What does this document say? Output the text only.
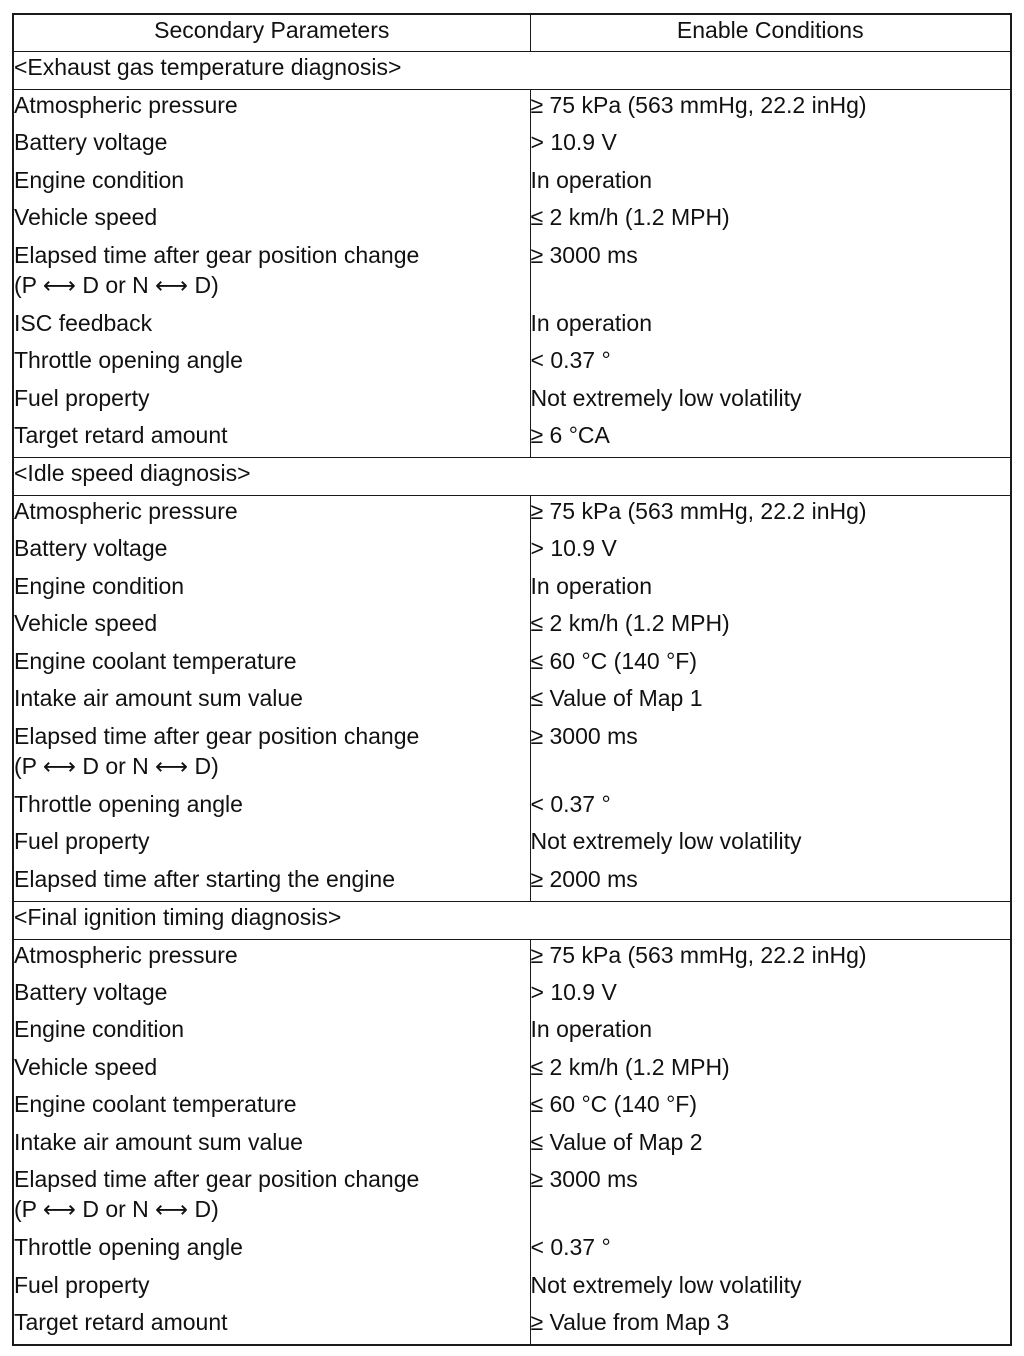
Secondary Parameters	Enable Conditions
<Exhaust gas temperature diagnosis>	

Atmospheric pressure	≥ 75 kPa (563 mmHg, 22.2 inHg)

Battery voltage	> 10.9 V

Engine condition	In operation

Vehicle speed	≤ 2 km/h (1.2 MPH)

Elapsed time after gear position change
(P ⟷ D or N ⟷ D)	≥ 3000 ms

ISC feedback	In operation

Throttle opening angle	< 0.37 °

Fuel property	Not extremely low volatility

Target retard amount	≥ 6 °CA
<Idle speed diagnosis>	

Atmospheric pressure	≥ 75 kPa (563 mmHg, 22.2 inHg)

Battery voltage	> 10.9 V

Engine condition	In operation

Vehicle speed	≤ 2 km/h (1.2 MPH)

Engine coolant temperature	≤ 60 °C (140 °F)

Intake air amount sum value	≤ Value of Map 1

Elapsed time after gear position change
(P ⟷ D or N ⟷ D)	≥ 3000 ms

Throttle opening angle	< 0.37 °

Fuel property	Not extremely low volatility

Elapsed time after starting the engine	≥ 2000 ms
<Final ignition timing diagnosis>	

Atmospheric pressure	≥ 75 kPa (563 mmHg, 22.2 inHg)

Battery voltage	> 10.9 V

Engine condition	In operation

Vehicle speed	≤ 2 km/h (1.2 MPH)

Engine coolant temperature	≤ 60 °C (140 °F)

Intake air amount sum value	≤ Value of Map 2

Elapsed time after gear position change
(P ⟷ D or N ⟷ D)	≥ 3000 ms

Throttle opening angle	< 0.37 °

Fuel property	Not extremely low volatility

Target retard amount	≥ Value from Map 3
